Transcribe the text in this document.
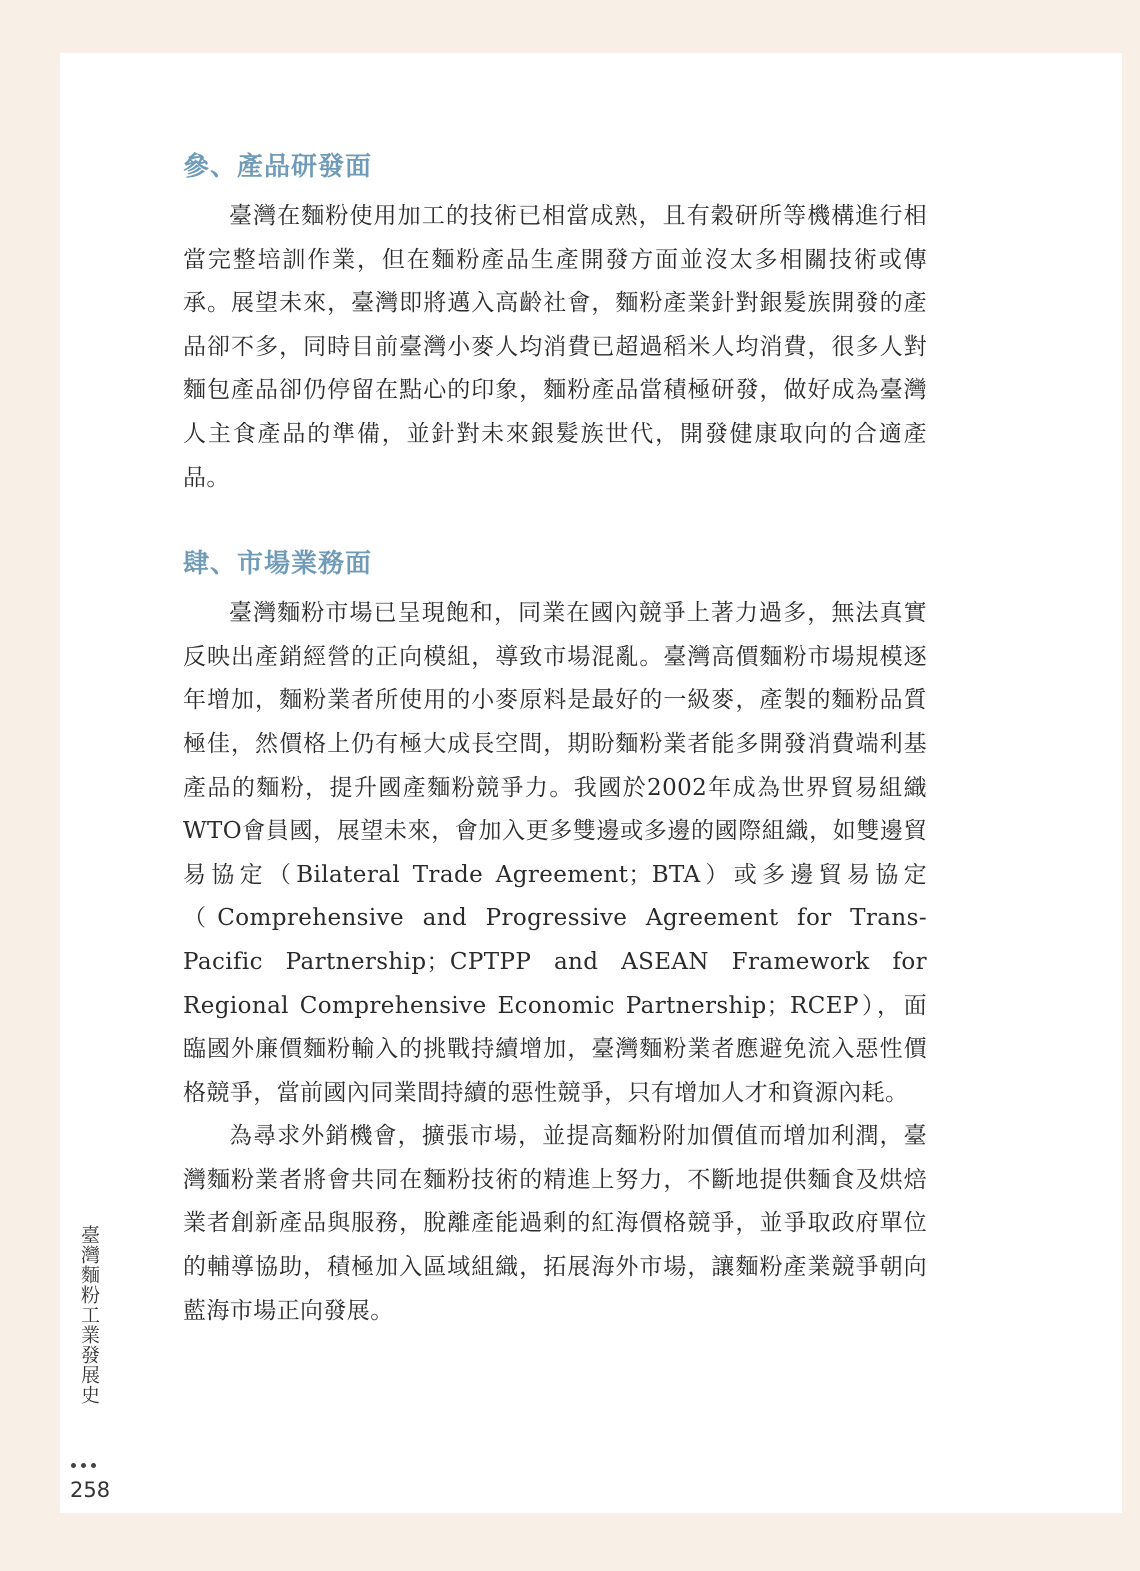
參、產品研發面

臺灣在麵粉使用加工的技術已相當成熟，且有穀研所等機構進行相當完整培訓作業，但在麵粉產品生產開發方面並沒太多相關技術或傳承。展望未來，臺灣即將邁入高齡社會，麵粉產業針對銀髮族開發的產品卻不多，同時目前臺灣小麥人均消費已超過稻米人均消費，很多人對麵包產品卻仍停留在點心的印象，麵粉產品當積極研發，做好成為臺灣人主食產品的準備，並針對未來銀髮族世代，開發健康取向的合適產品。

肆、市場業務面

臺灣麵粉市場已呈現飽和，同業在國內競爭上著力過多，無法真實反映出產銷經營的正向模組，導致市場混亂。臺灣高價麵粉市場規模逐年增加，麵粉業者所使用的小麥原料是最好的一級麥，產製的麵粉品質極佳，然價格上仍有極大成長空間，期盼麵粉業者能多開發消費端利基產品的麵粉，提升國產麵粉競爭力。我國於2002年成為世界貿易組織WTO會員國，展望未來，會加入更多雙邊或多邊的國際組織，如雙邊貿易協定（Bilateral Trade Agreement；BTA）或多邊貿易協定（Comprehensive and Progressive Agreement for Trans-Pacific Partnership；CPTPP and ASEAN Framework for Regional Comprehensive Economic Partnership；RCEP），面臨國外廉價麵粉輸入的挑戰持續增加，臺灣麵粉業者應避免流入惡性價格競爭，當前國內同業間持續的惡性競爭，只有增加人才和資源內耗。

為尋求外銷機會，擴張市場，並提高麵粉附加價值而增加利潤，臺灣麵粉業者將會共同在麵粉技術的精進上努力，不斷地提供麵食及烘焙業者創新產品與服務，脫離產能過剩的紅海價格競爭，並爭取政府單位的輔導協助，積極加入區域組織，拓展海外市場，讓麵粉產業競爭朝向藍海市場正向發展。

臺灣麵粉工業發展史
258
